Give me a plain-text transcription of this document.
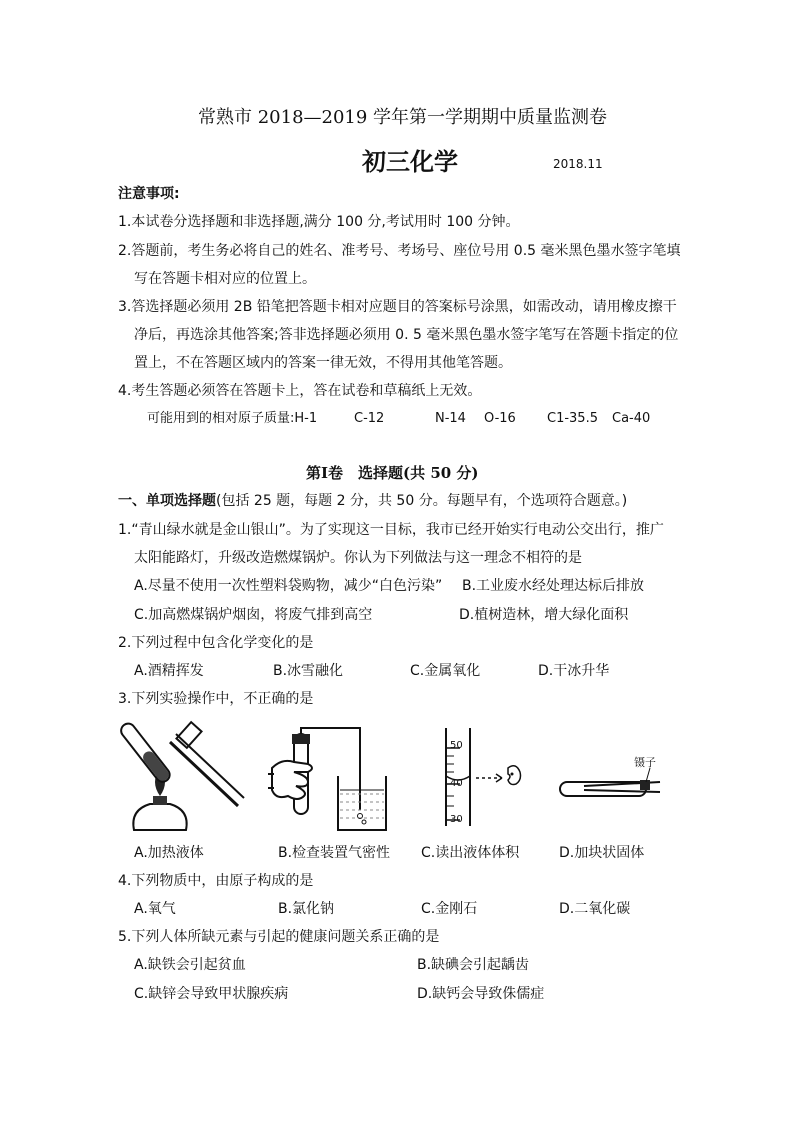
常熟市 2018—2019 学年第一学期期中质量监测卷
初三化学	2018.11
注意事项:
1.本试卷分选择题和非选择题,满分 100 分,考试用时 100 分钟。
2.答题前，考生务必将自己的姓名、准考号、考场号、座位号用 0.5 毫米黑色墨水签字笔填
写在答题卡相对应的位置上。
3.答选择题必须用 2B 铅笔把答题卡相对应题目的答案标号涂黑，如需改动，请用橡皮擦干
净后，再选涂其他答案;答非选择题必须用 0. 5 毫米黑色墨水签字笔写在答题卡指定的位
置上，不在答题区域内的答案一律无效，不得用其他笔答题。
4.考生答题必须答在答题卡上，答在试卷和草稿纸上无效。
可能用到的相对原子质量:H-1	C-12	N-14 O-16 C1-35.5 Ca-40
第Ⅰ卷　选择题(共 50 分)
一、单项选择题(包括 25 题，每题 2 分，共 50 分。每题早有，个选项符合题意。)
1.“青山绿水就是金山银山”。为了实现这一目标，我市已经开始实行电动公交出行，推广
太阳能路灯，升级改造燃煤锅炉。你认为下列做法与这一理念不相符的是
A.尽量不使用一次性塑料袋购物，减少“白色污染” B.工业废水经处理达标后排放
C.加高燃煤锅炉烟囱，将废气排到高空	D.植树造林，增大绿化面积
2.下列过程中包含化学变化的是
A.酒精挥发	B.冰雪融化	C.金属氧化	D.干冰升华
3.下列实验操作中，不正确的是
50
40
30
镊子
A.加热液体	B.检查装置气密性 C.读出液体体积	D.加块状固体
4.下列物质中，由原子构成的是
A.氧气	B.氯化钠	C.金刚石	D.二氧化碳
5.下列人体所缺元素与引起的健康问题关系正确的是
A.缺铁会引起贫血	B.缺碘会引起龋齿
C.缺锌会导致甲状腺疾病	D.缺钙会导致侏儒症
